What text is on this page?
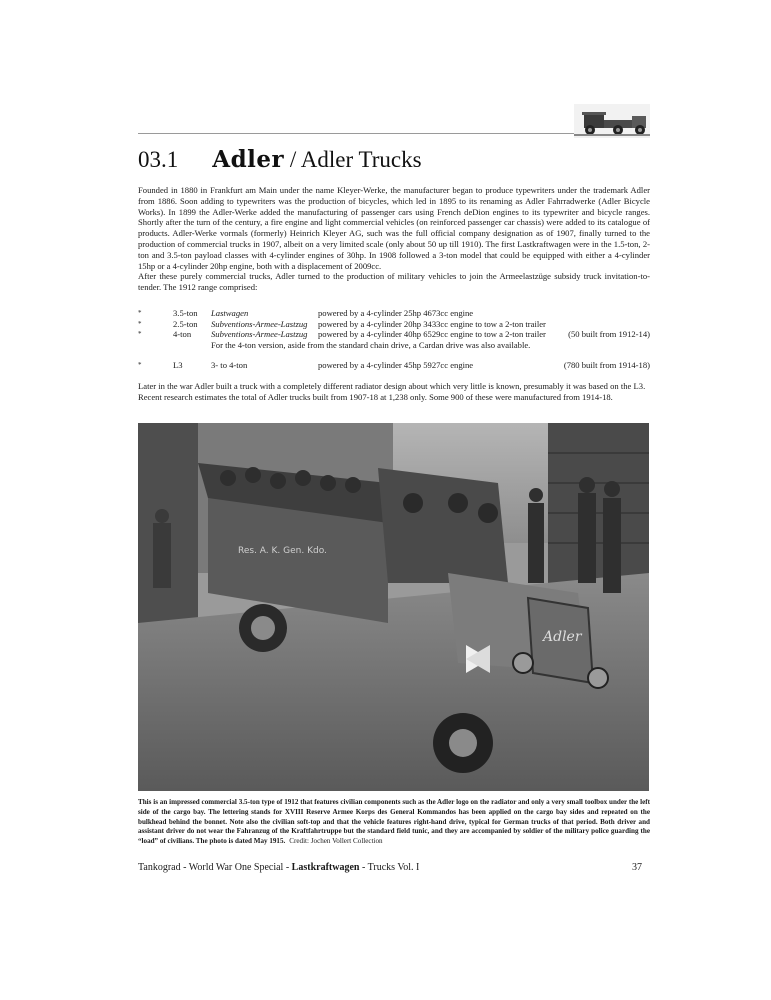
03.1 Adler / Adler Trucks

Founded in 1880 in Frankfurt am Main under the name Kleyer-Werke, the manufacturer began to produce typewriters under the trademark Adler from 1886. Soon adding to typewriters was the production of bicycles, which led in 1895 to its renaming as Adler Fahrradwerke (Adler Bicycle Works). In 1899 the Adler-Werke added the manufacturing of passenger cars using French deDion engines to its typewriter and bicycle ranges. Shortly after the turn of the century, a fire engine and light commercial vehicles (on reinforced passenger car chassis) were added to its catalogue of products. Adler-Werke vormals (formerly) Heinrich Kleyer AG, such was the full official company designation as of 1907, finally turned to the production of commercial trucks in 1907, albeit on a very limited scale (only about 50 up till 1910). The first Lastkraftwagen were in the 1.5-ton, 2-ton and 3.5-ton payload classes with 4-cylinder engines of 30hp. In 1908 followed a 3-ton model that could be equipped with either a 4-cylinder 15hp or a 4-cylinder 20hp engine, both with a displacement of 2009cc.

After these purely commercial trucks, Adler turned to the production of military vehicles to join the Armeelastzüge subsidy truck invitation-to-tender. The 1912 range comprised:

*	3.5-ton Lastwagen	powered by a 4-cylinder 25hp 4673cc engine
*	2.5-ton Subventions-Armee-Lastzug powered by a 4-cylinder 20hp 3433cc engine to tow a 2-ton trailer
*	4-ton Subventions-Armee-Lastzug powered by a 4-cylinder 40hp 6529cc engine to tow a 2-ton trailer	(50 built from 1912-14)
For the 4-ton version, aside from the standard chain drive, a Cardan drive was also available.
*	L3	3- to 4-ton	powered by a 4-cylinder 45hp 5927cc engine	(780 built from 1914-18)

Later in the war Adler built a truck with a completely different radiator design about which very little is known, presumably it was based on the L3.

Recent research estimates the total of Adler trucks built from 1907-18 at 1,238 only. Some 900 of these were manufactured from 1914-18.

Adler
Res. A. K. Gen. Kdo.
This is an impressed commercial 3.5-ton type of 1912 that features civilian components such as the Adler logo on the radiator and only a very small toolbox under the left side of the cargo bay. The lettering stands for XVIII Reserve Armee Korps des General Kommandos has been applied on the cargo bay sides and repeated on the bulkhead behind the bonnet. Note also the civilian soft-top and that the vehicle features right-hand drive, typical for German trucks of that period. Both driver and assistant driver do not wear the Fahranzug of the Kraftfahrtruppe but the standard field tunic, and they are accompanied by soldier of the military police guarding the “load” of civilians. The photo is dated May 1915. Credit: Jochen Vollert Collection
Tankograd - World War One Special - Lastkraftwagen - Trucks Vol. I	37
